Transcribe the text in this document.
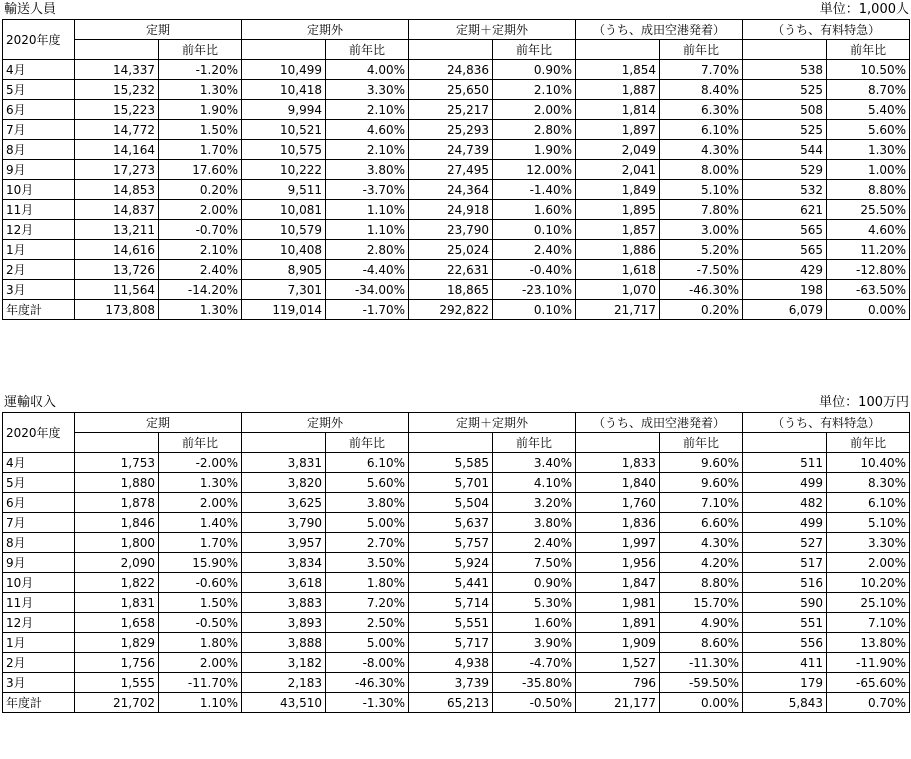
輸送人員	単位：1,000人
2020年度	定期		定期外		定期＋定期外		（うち、成田空港発着）		（うち、有料特急）	
		前年比		前年比		前年比		前年比		前年比
4月	14,337	-1.20%	10,499	4.00%	24,836	0.90%	1,854	7.70%	538	10.50%
5月	15,232	1.30%	10,418	3.30%	25,650	2.10%	1,887	8.40%	525	8.70%
6月	15,223	1.90%	9,994	2.10%	25,217	2.00%	1,814	6.30%	508	5.40%
7月	14,772	1.50%	10,521	4.60%	25,293	2.80%	1,897	6.10%	525	5.60%
8月	14,164	1.70%	10,575	2.10%	24,739	1.90%	2,049	4.30%	544	1.30%
9月	17,273	17.60%	10,222	3.80%	27,495	12.00%	2,041	8.00%	529	1.00%
10月	14,853	0.20%	9,511	-3.70%	24,364	-1.40%	1,849	5.10%	532	8.80%
11月	14,837	2.00%	10,081	1.10%	24,918	1.60%	1,895	7.80%	621	25.50%
12月	13,211	-0.70%	10,579	1.10%	23,790	0.10%	1,857	3.00%	565	4.60%
1月	14,616	2.10%	10,408	2.80%	25,024	2.40%	1,886	5.20%	565	11.20%
2月	13,726	2.40%	8,905	-4.40%	22,631	-0.40%	1,618	-7.50%	429	-12.80%
3月	11,564	-14.20%	7,301	-34.00%	18,865	-23.10%	1,070	-46.30%	198	-63.50%
年度計	173,808	1.30%	119,014	-1.70%	292,822	0.10%	21,717	0.20%	6,079	0.00%
運輸収入	単位：100万円
2020年度	定期		定期外		定期＋定期外		（うち、成田空港発着）		（うち、有料特急）	
		前年比		前年比		前年比		前年比		前年比
4月	1,753	-2.00%	3,831	6.10%	5,585	3.40%	1,833	9.60%	511	10.40%
5月	1,880	1.30%	3,820	5.60%	5,701	4.10%	1,840	9.60%	499	8.30%
6月	1,878	2.00%	3,625	3.80%	5,504	3.20%	1,760	7.10%	482	6.10%
7月	1,846	1.40%	3,790	5.00%	5,637	3.80%	1,836	6.60%	499	5.10%
8月	1,800	1.70%	3,957	2.70%	5,757	2.40%	1,997	4.30%	527	3.30%
9月	2,090	15.90%	3,834	3.50%	5,924	7.50%	1,956	4.20%	517	2.00%
10月	1,822	-0.60%	3,618	1.80%	5,441	0.90%	1,847	8.80%	516	10.20%
11月	1,831	1.50%	3,883	7.20%	5,714	5.30%	1,981	15.70%	590	25.10%
12月	1,658	-0.50%	3,893	2.50%	5,551	1.60%	1,891	4.90%	551	7.10%
1月	1,829	1.80%	3,888	5.00%	5,717	3.90%	1,909	8.60%	556	13.80%
2月	1,756	2.00%	3,182	-8.00%	4,938	-4.70%	1,527	-11.30%	411	-11.90%
3月	1,555	-11.70%	2,183	-46.30%	3,739	-35.80%	796	-59.50%	179	-65.60%
年度計	21,702	1.10%	43,510	-1.30%	65,213	-0.50%	21,177	0.00%	5,843	0.70%
